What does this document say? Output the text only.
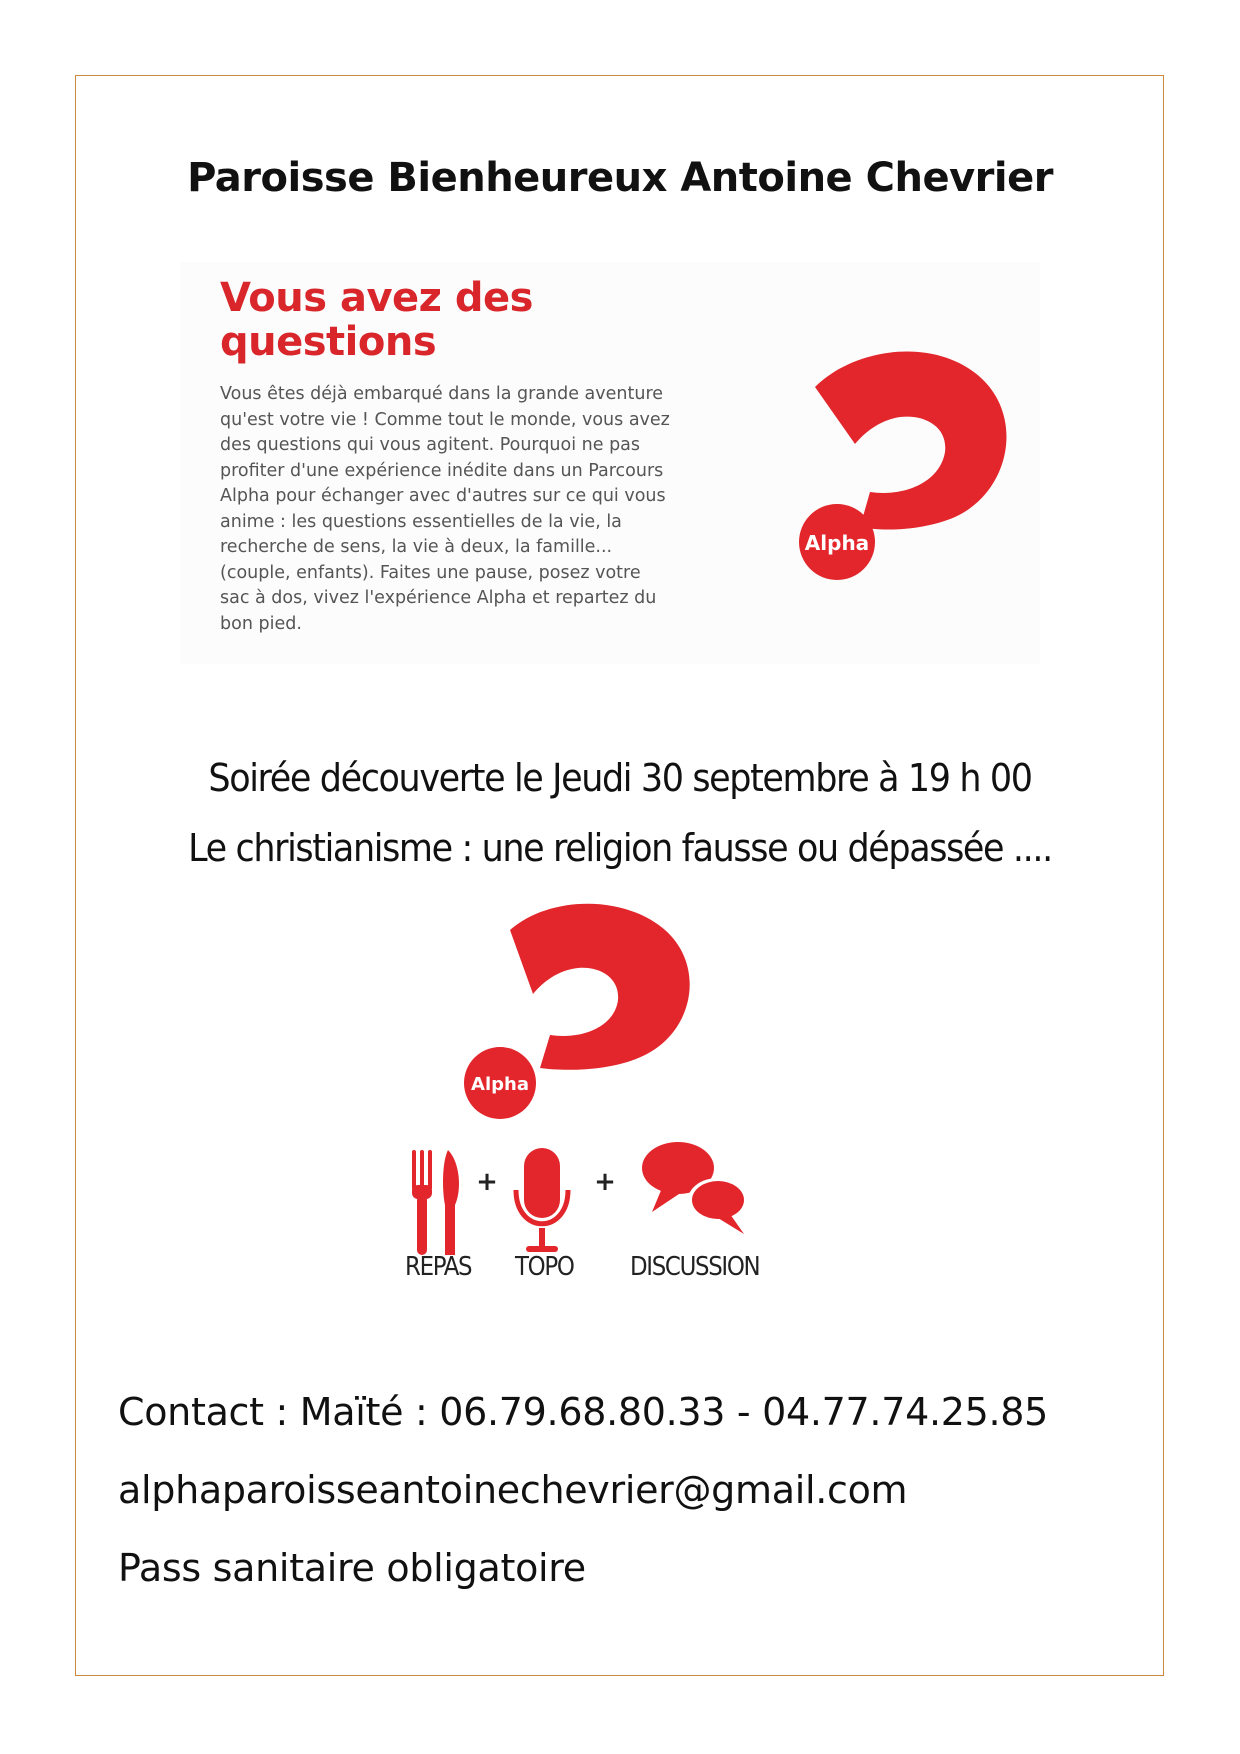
Paroisse Bienheureux Antoine Chevrier
Vous avez des
questions
Vous êtes déjà embarqué dans la grande aventure
qu'est votre vie ! Comme tout le monde, vous avez
des questions qui vous agitent. Pourquoi ne pas
profiter d'une expérience inédite dans un Parcours
Alpha pour échanger avec d'autres sur ce qui vous
anime : les questions essentielles de la vie, la
recherche de sens, la vie à deux, la famille...
(couple, enfants). Faites une pause, posez votre
sac à dos, vivez l'expérience Alpha et repartez du
bon pied.
Alpha
Soirée découverte le Jeudi 30 septembre à 19 h 00
Le christianisme : une religion fausse ou dépassée ....
Alpha
+	+
REPAS TOPO DISCUSSION
Contact : Maïté : 06.79.68.80.33 - 04.77.74.25.85
alphaparoisseantoinechevrier@gmail.com
Pass sanitaire obligatoire
